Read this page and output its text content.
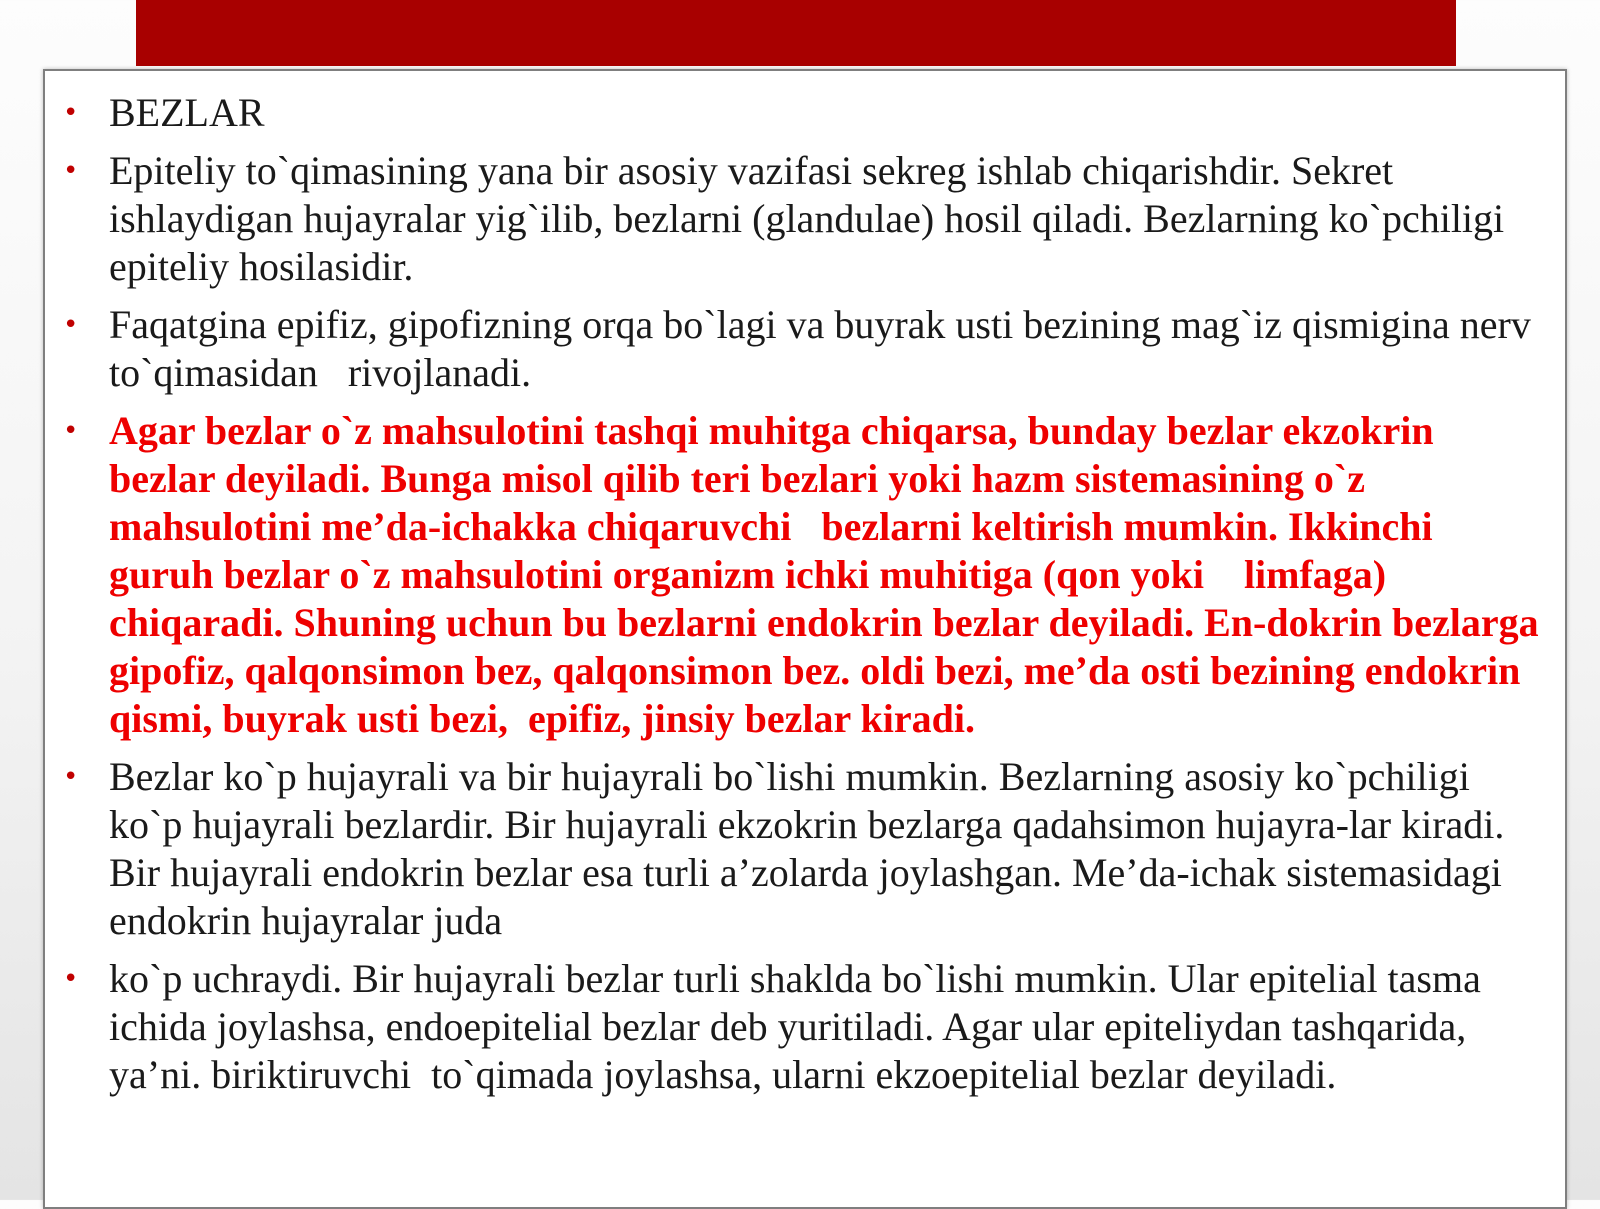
• BEZLAR
• Epiteliy to`qimasining yana bir asosiy vazifasi sekreg ishlab chiqarishdir. Sekret ishlaydigan hujayralar yig`ilib, bezlarni (glandulae) hosil qiladi. Bezlarning ko`pchiligi epiteliy hosilasidir.
• Faqatgina epifiz, gipofizning orqa bo`lagi va buyrak usti bezining mag`iz qismigina nerv to`qimasidan   rivojlanadi.
• Agar bezlar o`z mahsulotini tashqi muhitga chiqarsa, bunday bezlar ekzokrin bezlar deyiladi. Bunga misol qilib teri bezlari yoki hazm sistemasining o`z mahsulotini me’da-ichakka chiqaruvchi   bezlarni keltirish mumkin. Ikkinchi guruh bezlar o`z mahsulotini organizm ichki muhitiga (qon yoki    limfaga) chiqaradi. Shuning uchun bu bezlarni endokrin bezlar deyiladi. En-dokrin bezlarga gipofiz, qalqonsimon bez, qalqonsimon bez. oldi bezi, me’da osti bezining endokrin qismi, buyrak usti bezi,  epifiz, jinsiy bezlar kiradi.
• Bezlar ko`p hujayrali va bir hujayrali bo`lishi mumkin. Bezlarning asosiy ko`pchiligi ko`p hujayrali bezlardir. Bir hujayrali ekzokrin bezlarga qadahsimon hujayra-lar kiradi. Bir hujayrali endokrin bezlar esa turli a’zolarda joylashgan. Me’da-ichak sistemasidagi endokrin hujayralar juda
• ko`p uchraydi. Bir hujayrali bezlar turli shaklda bo`lishi mumkin. Ular epitelial tasma ichida joylashsa, endoepitelial bezlar deb yuritiladi. Agar ular epiteliydan tashqarida, ya’ni. biriktiruvchi  to`qimada joylashsa, ularni ekzoepitelial bezlar deyiladi.
